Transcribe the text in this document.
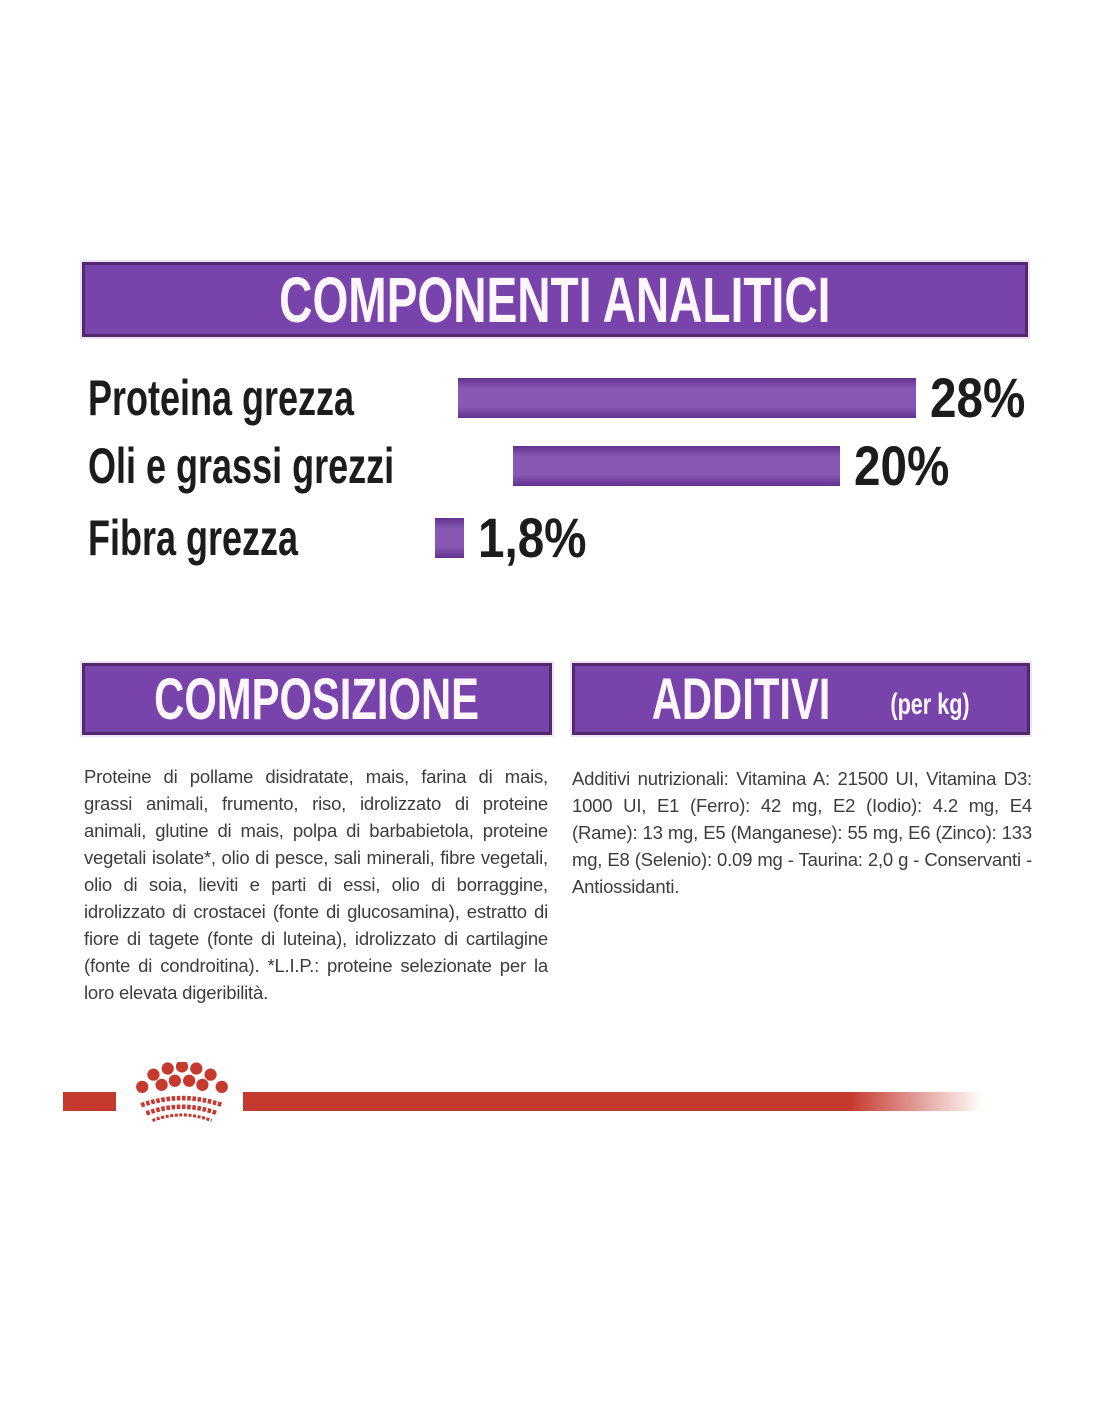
COMPONENTI ANALITICI
Proteina grezza	28%
Oli e grassi grezzi	20%
Fibra grezza	1,8%
COMPOSIZIONE

Proteine di pollame disidratate, mais, farina di mais, grassi animali, frumento, riso, idrolizzato di proteine animali, glutine di mais, polpa di barbabietola, proteine vegetali isolate*, olio di pesce, sali minerali, fibre vegetali, olio di soia, lieviti e parti di essi, olio di borraggine, idrolizzato di crostacei (fonte di glucosamina), estratto di fiore di tagete (fonte di luteina), idrolizzato di cartilagine (fonte di condroitina). *L.I.P.: proteine selezionate per la loro elevata digeribilità.

ADDITIVI (per kg)

Additivi nutrizionali: Vitamina A: 21500 UI, Vitamina D3: 1000 UI, E1 (Ferro): 42 mg, E2 (Iodio): 4.2 mg, E4 (Rame): 13 mg, E5 (Manganese): 55 mg, E6 (Zinco): 133 mg, E8 (Selenio): 0.09 mg - Taurina: 2,0 g - Conservanti - Antiossidanti.
